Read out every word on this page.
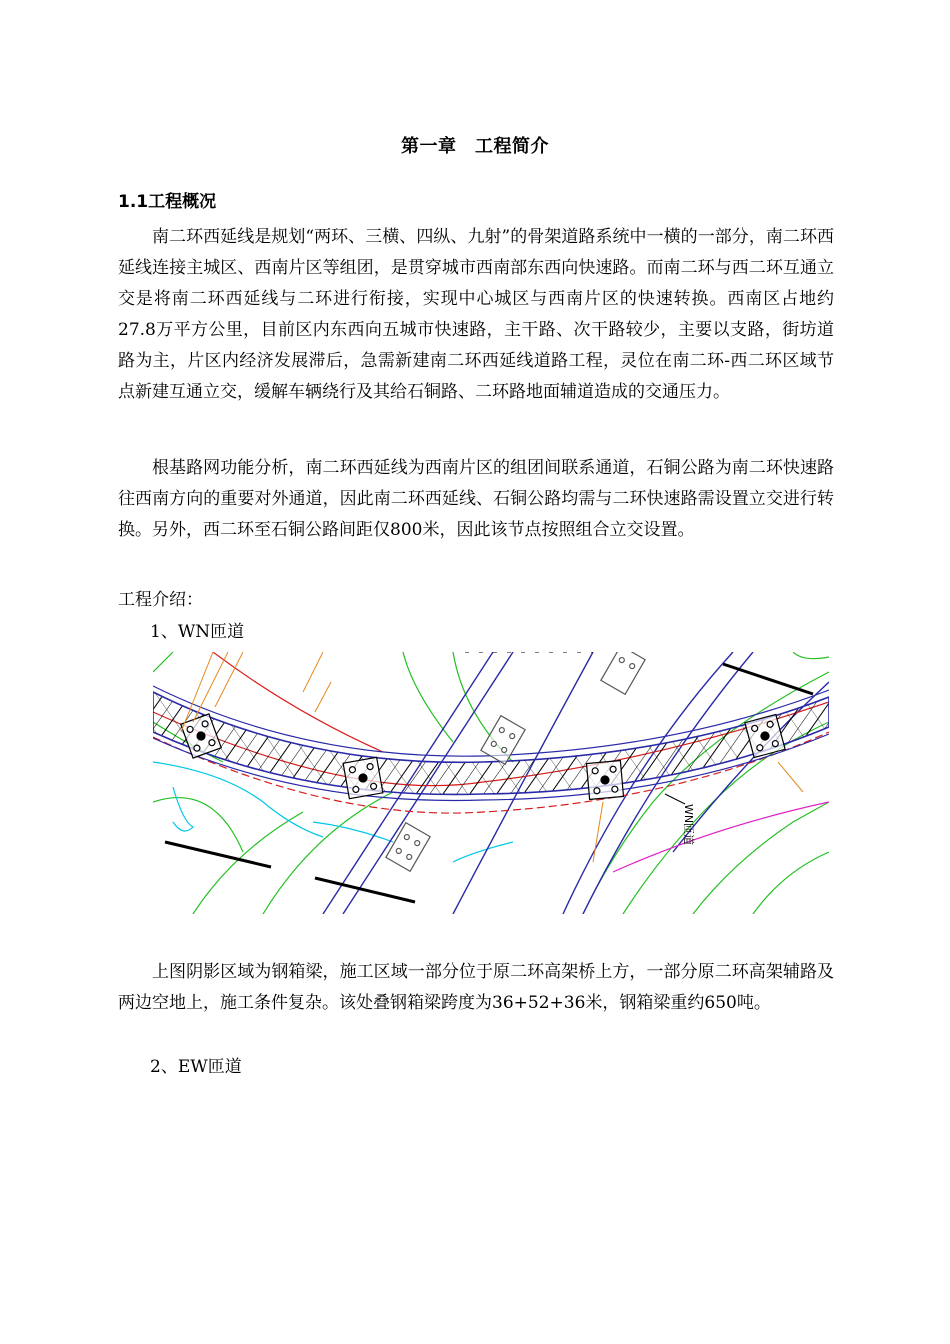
第一章　工程简介
1.1工程概况

南二环西延线是规划“两环、三横、四纵、九射”的骨架道路系统中一横的一部分，南二环西延线连接主城区、西南片区等组团，是贯穿城市西南部东西向快速路。而南二环与西二环互通立交是将南二环西延线与二环进行衔接，实现中心城区与西南片区的快速转换。西南区占地约27.8万平方公里，目前区内东西向五城市快速路，主干路、次干路较少，主要以支路，街坊道路为主，片区内经济发展滞后，急需新建南二环西延线道路工程，灵位在南二环-西二环区域节点新建互通立交，缓解车辆绕行及其给石铜路、二环路地面辅道造成的交通压力。

根基路网功能分析，南二环西延线为西南片区的组团间联系通道，石铜公路为南二环快速路往西南方向的重要对外通道，因此南二环西延线、石铜公路均需与二环快速路需设置立交进行转换。另外，西二环至石铜公路间距仅800米，因此该节点按照组合立交设置。

工程介绍：
1、WN匝道
WN匝道

上图阴影区域为钢箱梁，施工区域一部分位于原二环高架桥上方，一部分原二环高架辅路及两边空地上，施工条件复杂。该处叠钢箱梁跨度为36+52+36米，钢箱梁重约650吨。

2、EW匝道
